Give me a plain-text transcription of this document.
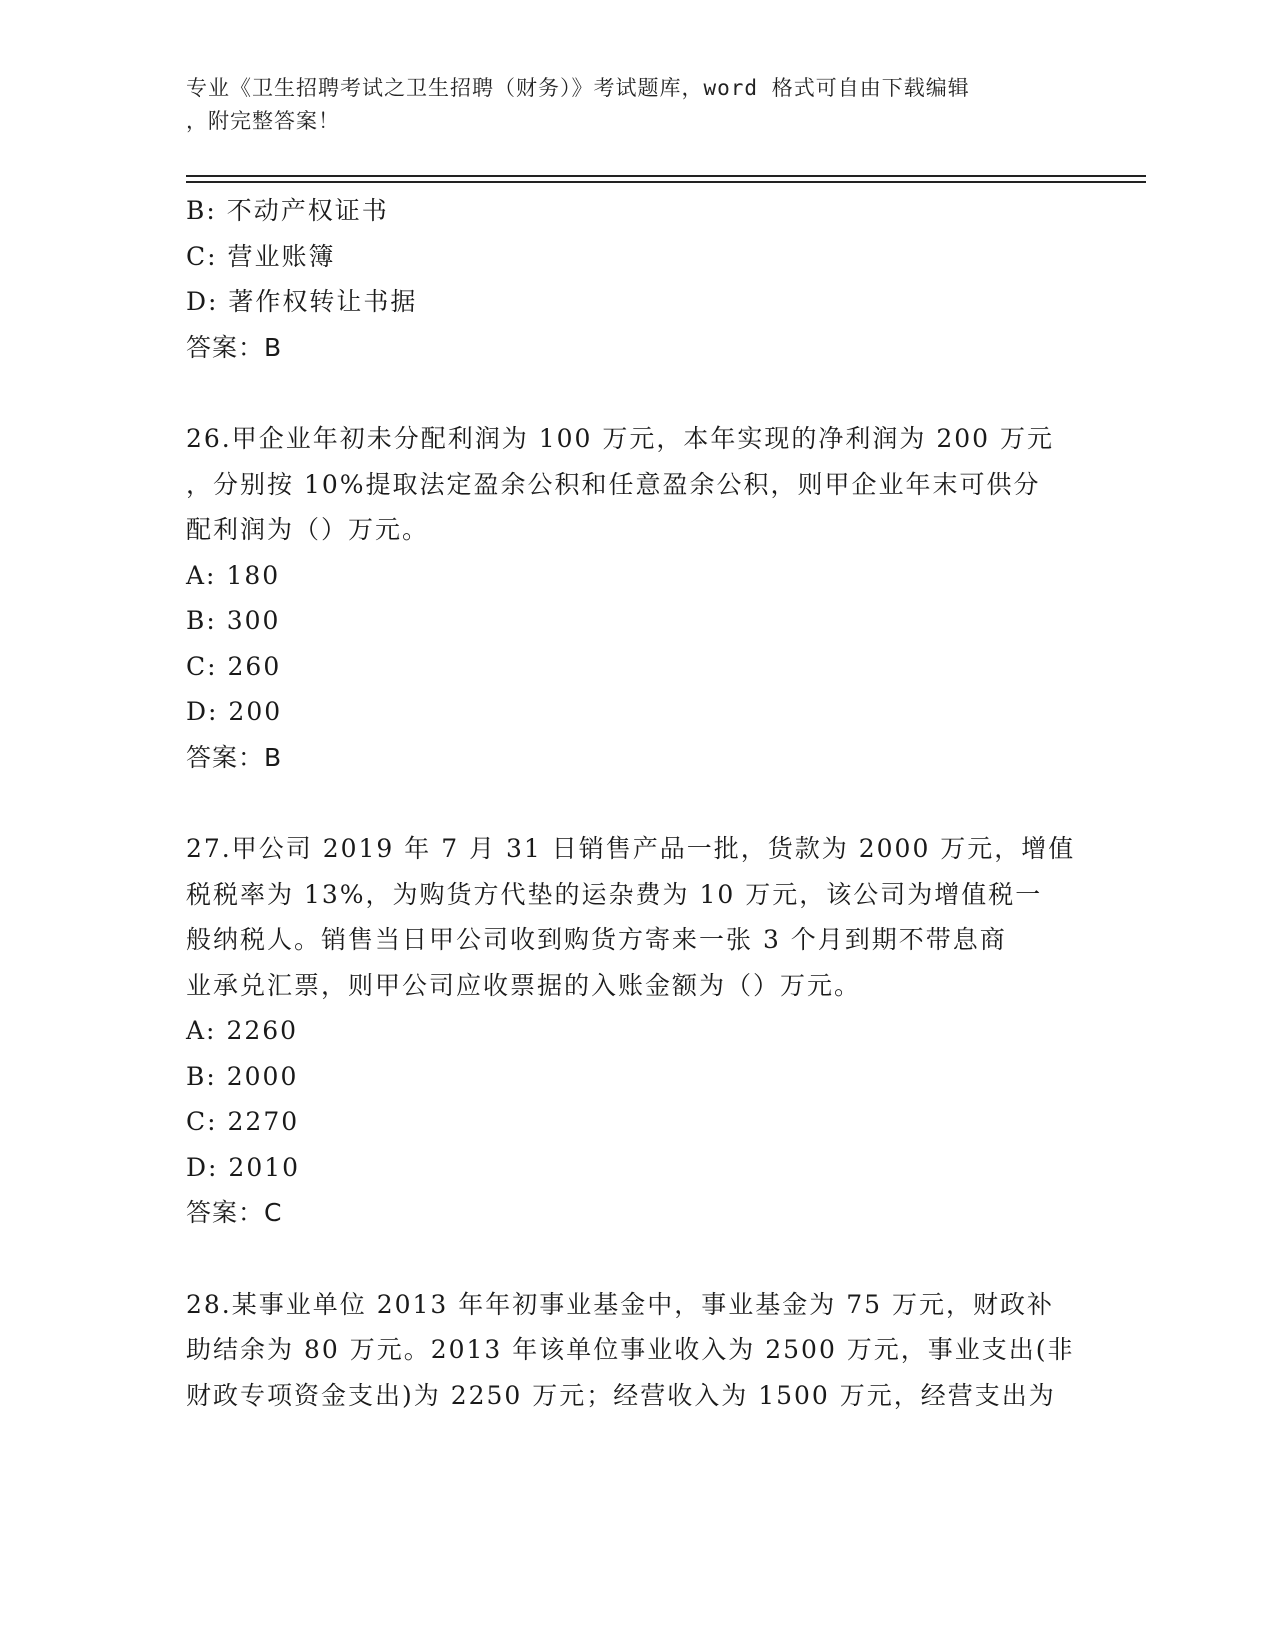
专业《卫生招聘考试之卫生招聘（财务）》考试题库，word 格式可自由下载编辑
，附完整答案！

B: 不动产权证书

C: 营业账簿

D: 著作权转让书据

答案：B

26.甲企业年初未分配利润为 100 万元，本年实现的净利润为 200 万元

，分别按 10%提取法定盈余公积和任意盈余公积，则甲企业年末可供分

配利润为（）万元。

A: 180

B: 300

C: 260

D: 200

答案：B

27.甲公司 2019 年 7 月 31 日销售产品一批，货款为 2000 万元，增值

税税率为 13%，为购货方代垫的运杂费为 10 万元，该公司为增值税一

般纳税人。销售当日甲公司收到购货方寄来一张 3 个月到期不带息商

业承兑汇票，则甲公司应收票据的入账金额为（）万元。

A: 2260

B: 2000

C: 2270

D: 2010

答案：C

28.某事业单位 2013 年年初事业基金中，事业基金为 75 万元，财政补

助结余为 80 万元。2013 年该单位事业收入为 2500 万元，事业支出(非

财政专项资金支出)为 2250 万元；经营收入为 1500 万元，经营支出为
